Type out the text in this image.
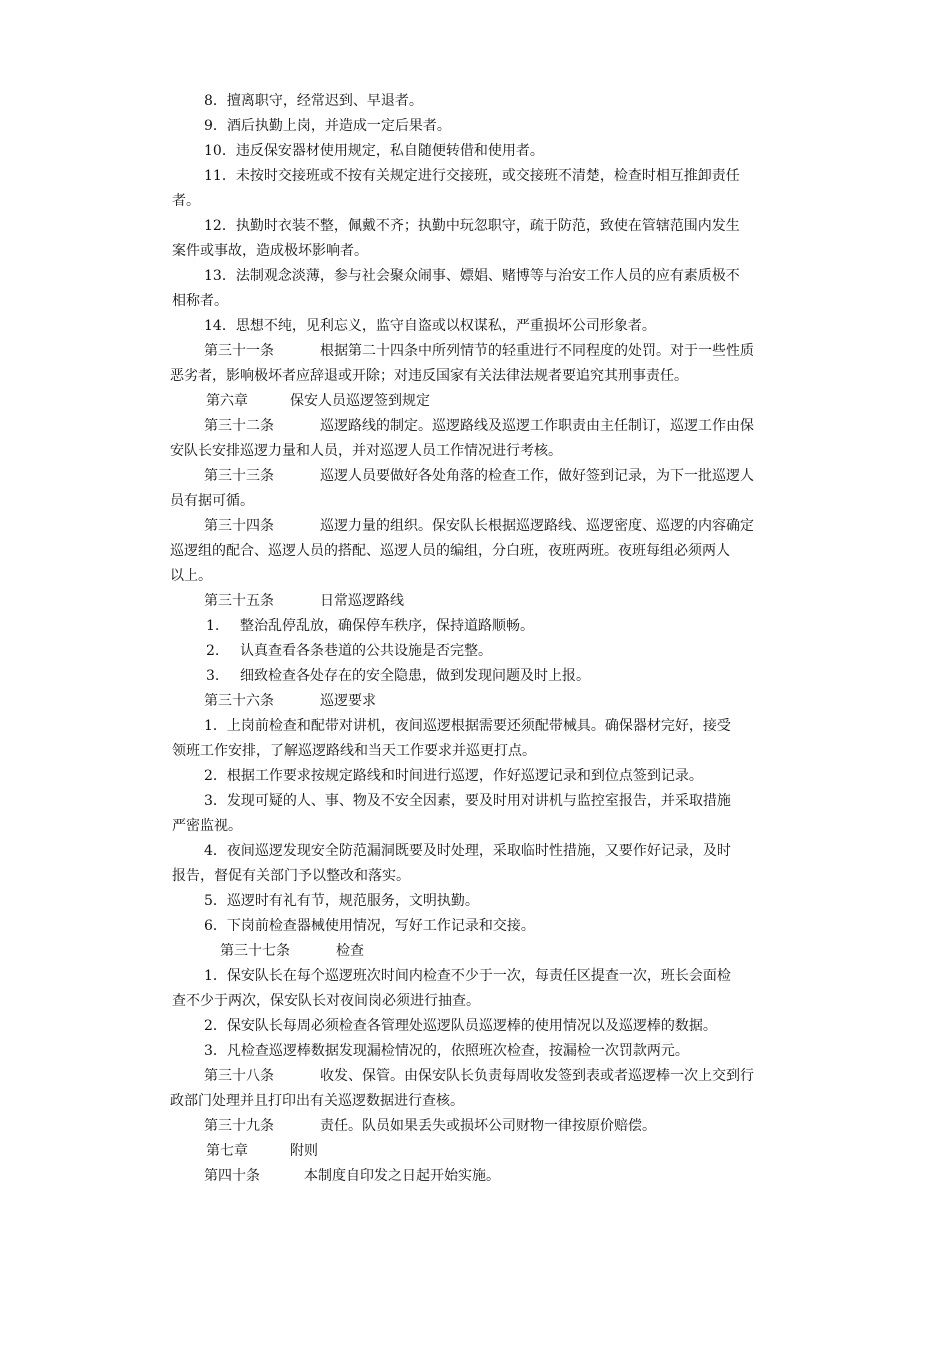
8．擅离职守，经常迟到、早退者。
9．酒后执勤上岗，并造成一定后果者。
10．违反保安器材使用规定，私自随便转借和使用者。
11．未按时交接班或不按有关规定进行交接班，或交接班不清楚，检查时相互推卸责任
者。
12．执勤时衣装不整，佩戴不齐；执勤中玩忽职守，疏于防范，致使在管辖范围内发生
案件或事故，造成极坏影响者。
13．法制观念淡薄，参与社会聚众闹事、嫖娼、赌博等与治安工作人员的应有素质极不
相称者。
14．思想不纯，见利忘义，监守自盗或以权谋私，严重损坏公司形象者。
第三十一条	根据第二十四条中所列情节的轻重进行不同程度的处罚。对于一些性质
恶劣者，影响极坏者应辞退或开除；对违反国家有关法律法规者要追究其刑事责任。
第六章	保安人员巡逻签到规定
第三十二条	巡逻路线的制定。巡逻路线及巡逻工作职责由主任制订，巡逻工作由保
安队长安排巡逻力量和人员，并对巡逻人员工作情况进行考核。
第三十三条	巡逻人员要做好各处角落的检查工作，做好签到记录，为下一批巡逻人
员有据可循。
第三十四条	巡逻力量的组织。保安队长根据巡逻路线、巡逻密度、巡逻的内容确定
巡逻组的配合、巡逻人员的搭配、巡逻人员的编组，分白班，夜班两班。夜班每组必须两人
以上。
第三十五条	日常巡逻路线
1. 整治乱停乱放，确保停车秩序，保持道路顺畅。
2. 认真查看各条巷道的公共设施是否完整。
3. 细致检查各处存在的安全隐患，做到发现问题及时上报。
第三十六条	巡逻要求
1．上岗前检查和配带对讲机，夜间巡逻根据需要还须配带械具。确保器材完好，接受
领班工作安排，了解巡逻路线和当天工作要求并巡更打点。
2．根据工作要求按规定路线和时间进行巡逻，作好巡逻记录和到位点签到记录。
3．发现可疑的人、事、物及不安全因素，要及时用对讲机与监控室报告，并采取措施
严密监视。
4．夜间巡逻发现安全防范漏洞既要及时处理，采取临时性措施，又要作好记录，及时
报告，督促有关部门予以整改和落实。
5．巡逻时有礼有节，规范服务，文明执勤。
6．下岗前检查器械使用情况，写好工作记录和交接。
第三十七条	检查
1．保安队长在每个巡逻班次时间内检查不少于一次，每责任区提查一次，班长会面检
查不少于两次，保安队长对夜间岗必须进行抽查。
2．保安队长每周必须检查各管理处巡逻队员巡逻棒的使用情况以及巡逻棒的数据。
3．凡检查巡逻棒数据发现漏检情况的，依照班次检查，按漏检一次罚款两元。
第三十八条	收发、保管。由保安队长负责每周收发签到表或者巡逻棒一次上交到行
政部门处理并且打印出有关巡逻数据进行查核。
第三十九条	责任。队员如果丢失或损坏公司财物一律按原价赔偿。
第七章	附则
第四十条	本制度自印发之日起开始实施。
